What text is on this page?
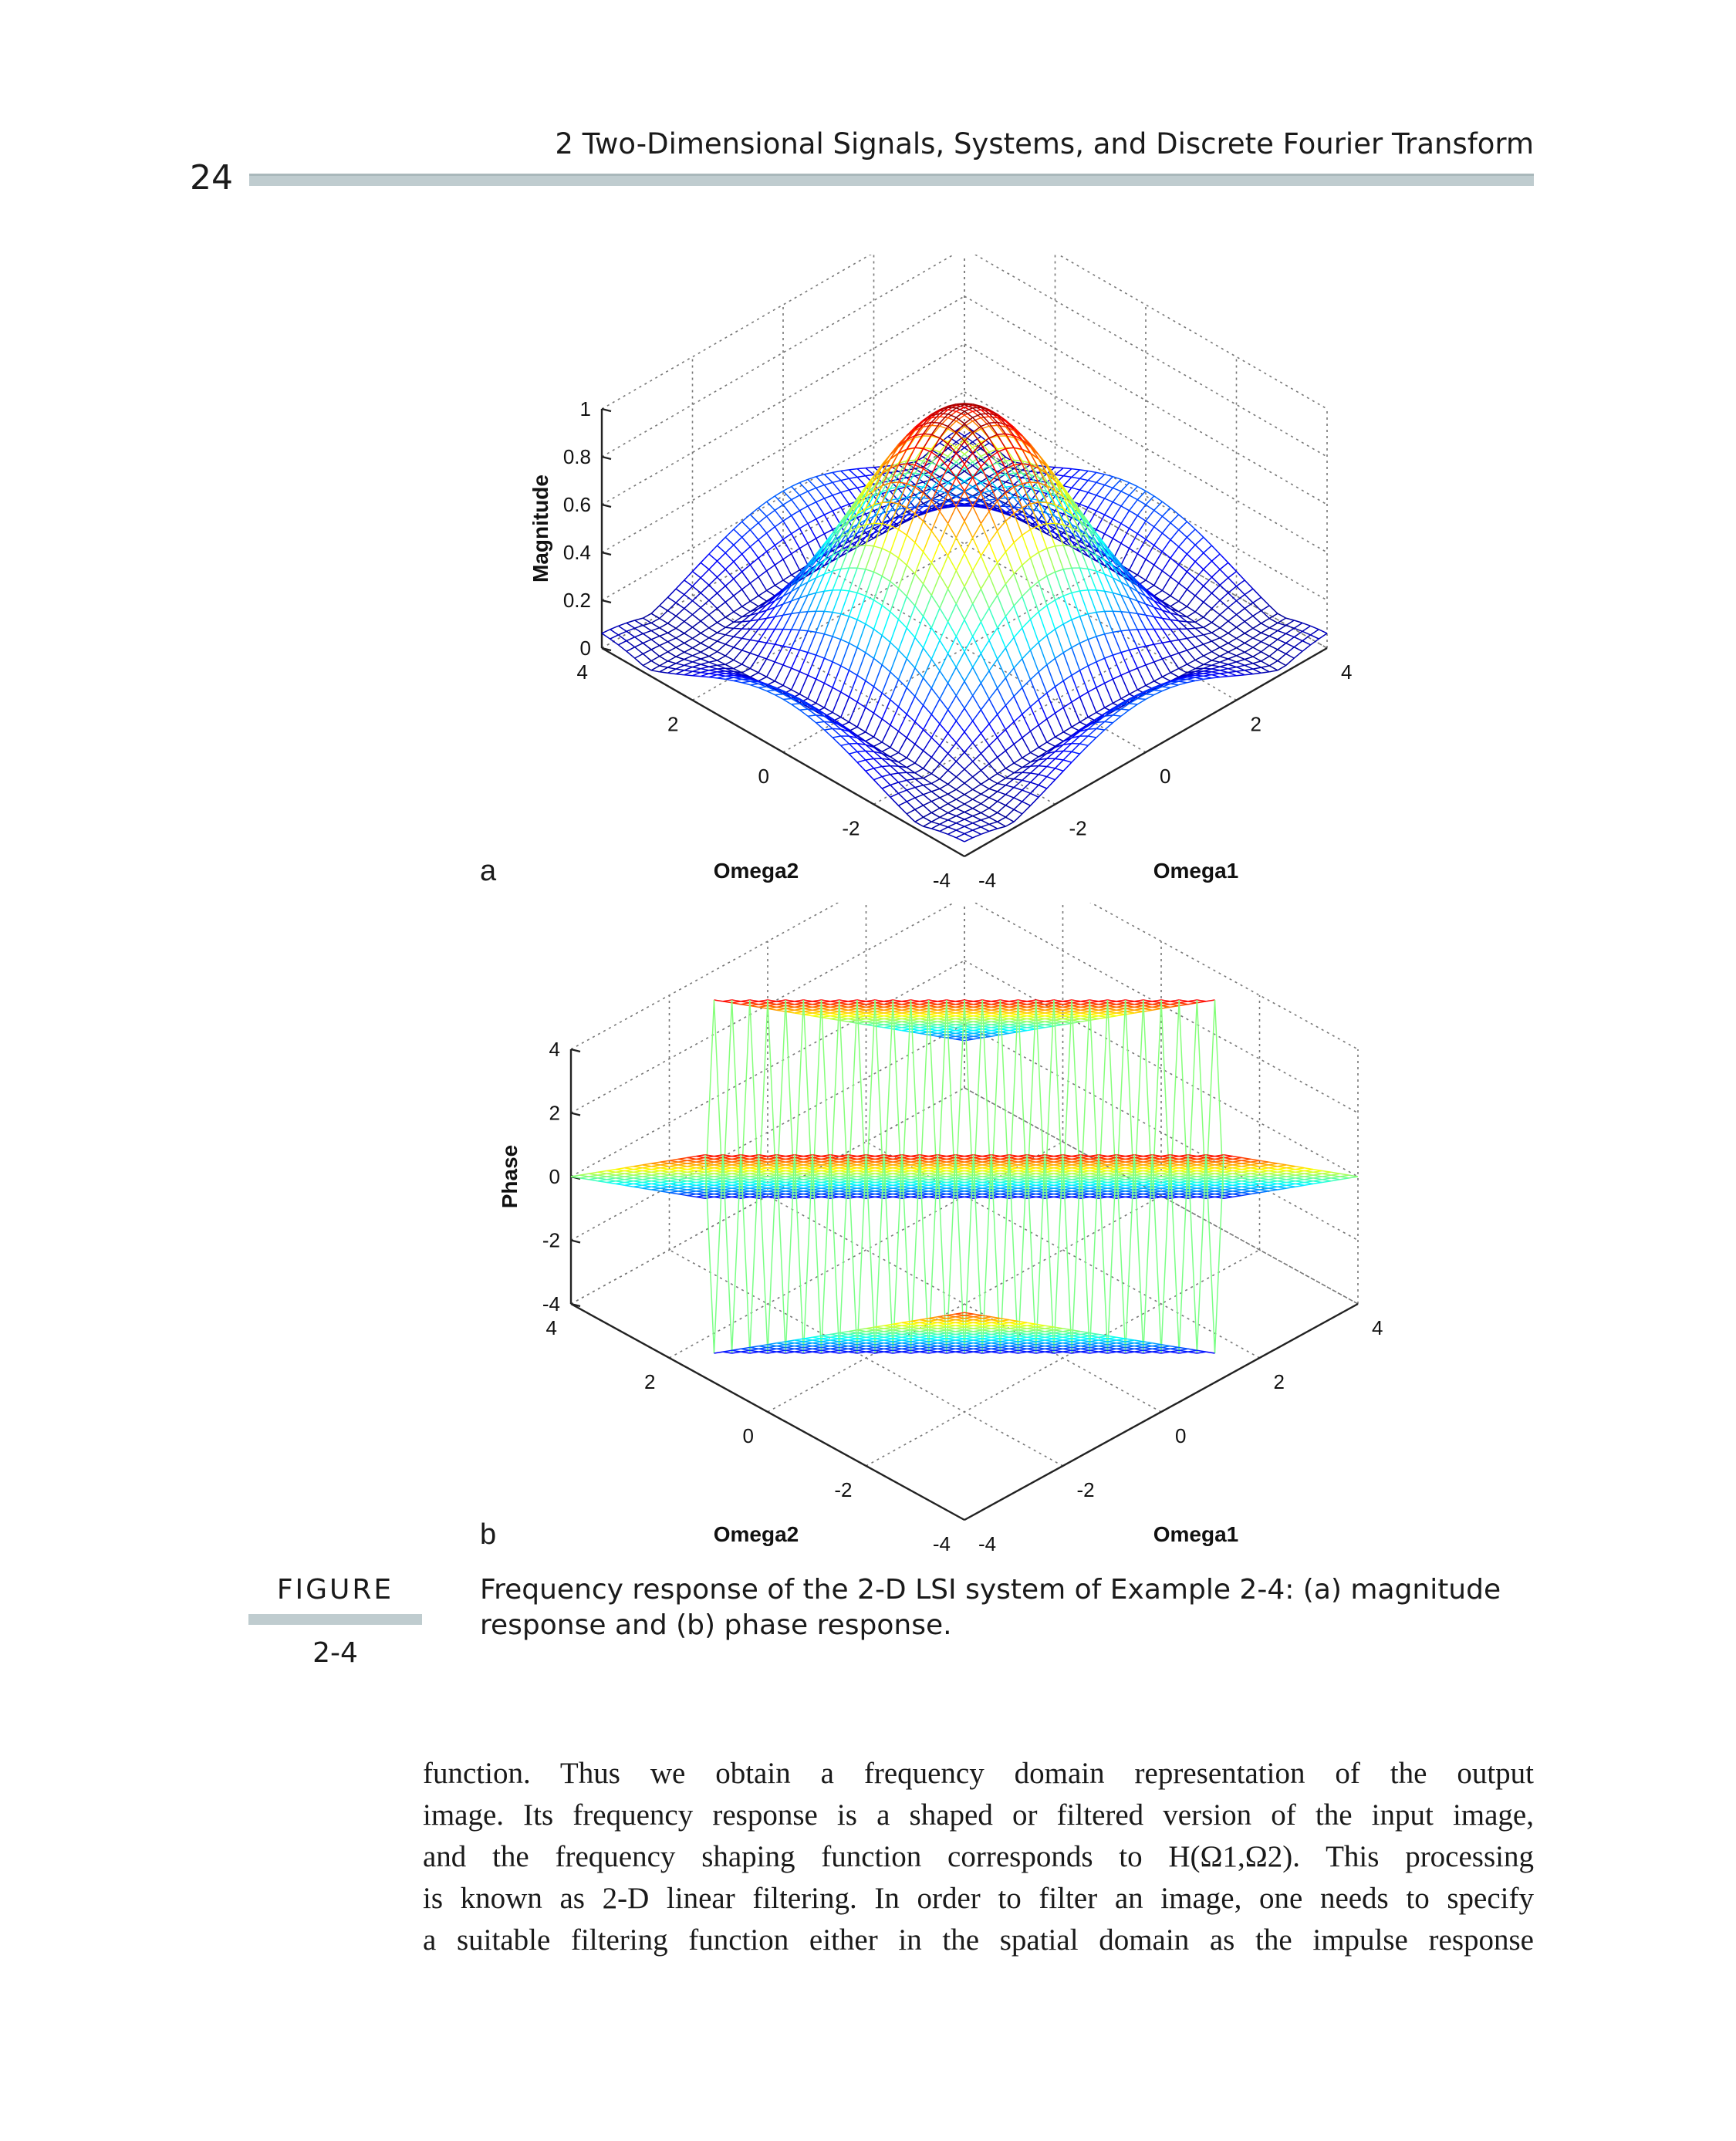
24
2 Two-Dimensional Signals, Systems, and Discrete Fourier Transform
0
0.2
0.4
0.6
0.8
1
4
2
0
-2
-4 -4
-2
0
2
4
Magnitude
Omega2	Omega1
a
-4
-2
0
2
4
4
2
0
-2
-4 -4
-2
0
2
4
Phase
Omega2	Omega1
b
FIGURE
2-4
Frequency response of the 2-D LSI system of Example 2-4: (a) magnitude response and (b) phase response.

function. Thus we obtain a frequency domain representation of the output

image. Its frequency response is a shaped or filtered version of the input image,

and the frequency shaping function corresponds to H(Ω1,Ω2). This processing

is known as 2-D linear filtering. In order to filter an image, one needs to specify

a suitable filtering function either in the spatial domain as the impulse response
